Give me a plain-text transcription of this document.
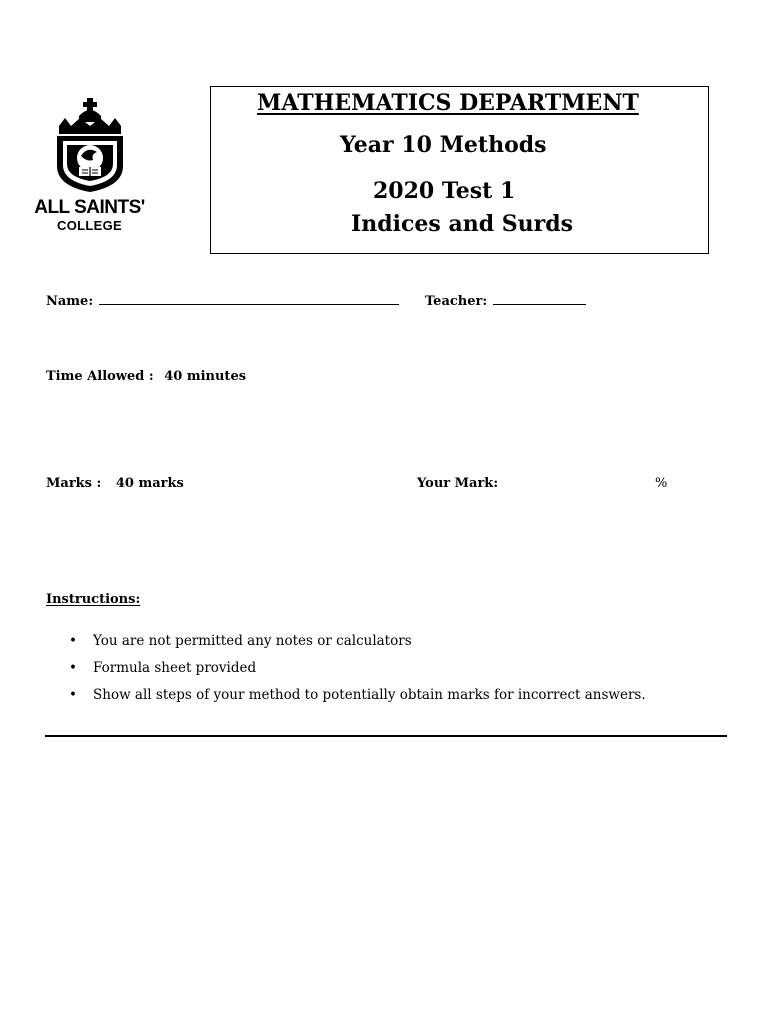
ALL SAINTS'
COLLEGE
MATHEMATICS DEPARTMENT
Year 10 Methods
2020 Test 1
Indices and Surds
Name:	Teacher:
Time Allowed : 40 minutes
Marks : 40 marks	Your Mark:	%
Instructions:
• You are not permitted any notes or calculators
• Formula sheet provided
• Show all steps of your method to potentially obtain marks for incorrect answers.
